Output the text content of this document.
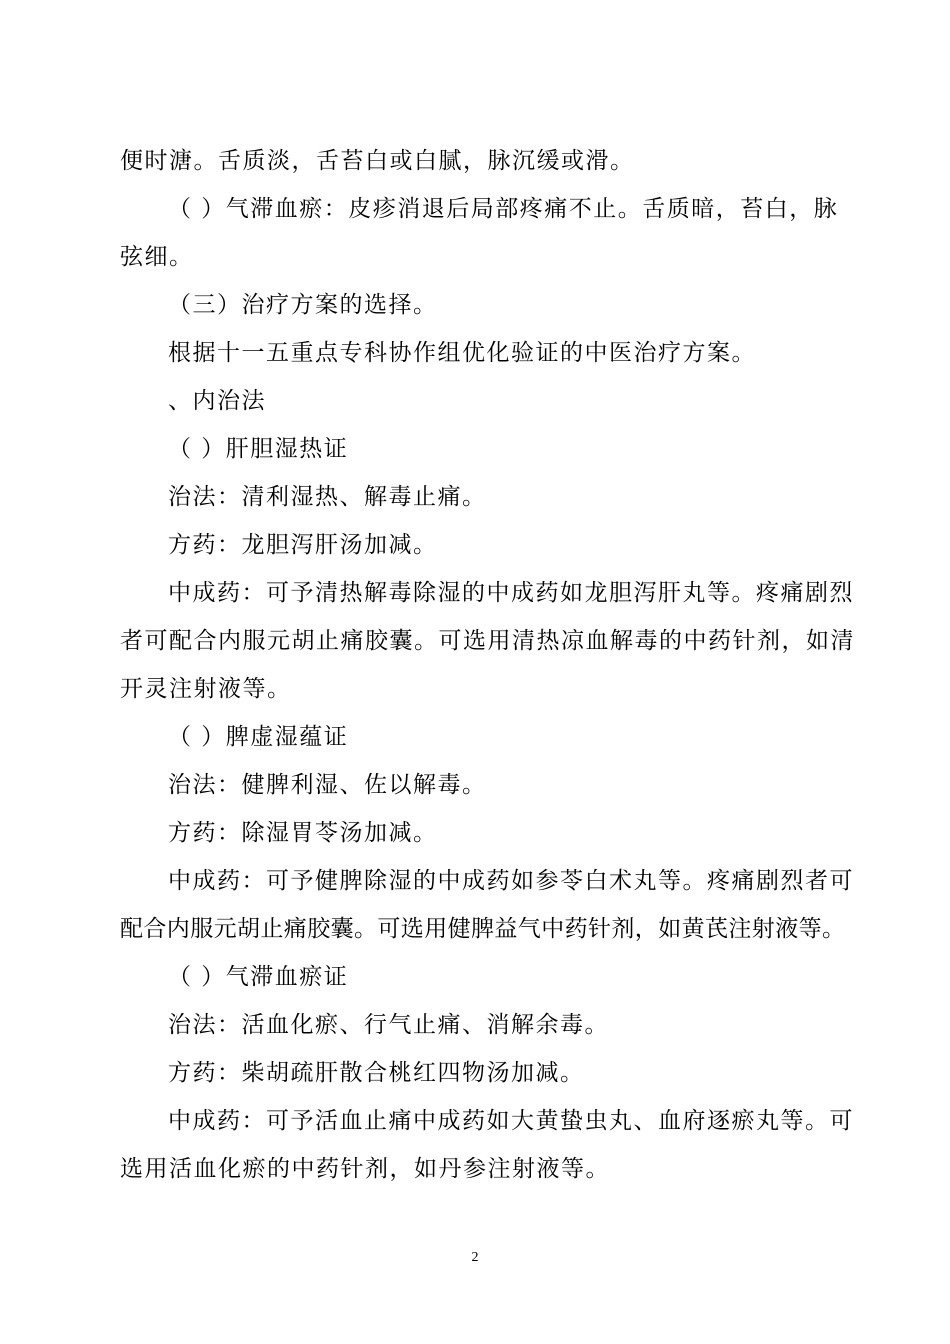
便时溏。舌质淡，舌苔白或白腻，脉沉缓或滑。
（ ）气滞血瘀：皮疹消退后局部疼痛不止。舌质暗，苔白，脉
弦细。
（三）治疗方案的选择。
根据十一五重点专科协作组优化验证的中医治疗方案。
、内治法
（ ）肝胆湿热证
治法：清利湿热、解毒止痛。
方药：龙胆泻肝汤加减。
中成药：可予清热解毒除湿的中成药如龙胆泻肝丸等。疼痛剧烈
者可配合内服元胡止痛胶囊。可选用清热凉血解毒的中药针剂，如清
开灵注射液等。
（ ）脾虚湿蕴证
治法：健脾利湿、佐以解毒。
方药：除湿胃苓汤加减。
中成药：可予健脾除湿的中成药如参苓白术丸等。疼痛剧烈者可
配合内服元胡止痛胶囊。可选用健脾益气中药针剂，如黄芪注射液等。
（ ）气滞血瘀证
治法：活血化瘀、行气止痛、消解余毒。
方药：柴胡疏肝散合桃红四物汤加减。
中成药：可予活血止痛中成药如大黄蛰虫丸、血府逐瘀丸等。可
选用活血化瘀的中药针剂，如丹参注射液等。
2
